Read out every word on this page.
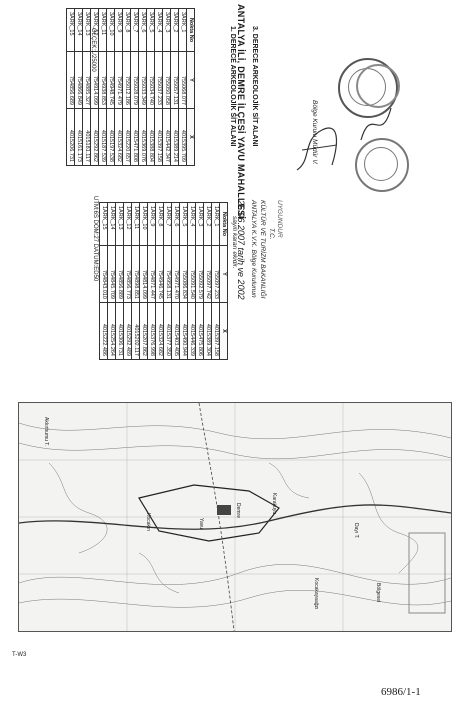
ANTALYA İLİ, DEMRE İLÇESİ YAVU MAHALLESİ
1. DERECE ARKEOLOJİK SİT ALANI
Nokta No	Y	X
1ARK_1	755097.233	4015397.158
1ARK_2	755097.742	4015389.304
1ARK_3	755092.579	4015475.806
1ARK_4	755091.540	4015446.339
1ARK_5	755086.834	4015490.944
1ARK_6	754971.470	4015403.405
1ARK_7	754958.131	4015377.350
1ARK_8	754946.745	4015324.682
1ARK_9	754871.447	4015376.998
1ARK_10	754814.099	4015207.862
1ARK_11	754898.851	4015202.117
1ARK_12	754856.773	4015292.489
1ARK_13	754856.889	4015306.731
1ARK_14	754845.709	4015254.264
1ARK_15	754843.010	4015222.486
3. DERECE ARKEOLOJİK SİT ALANI
Nokta No	Y	X
3ARK_1	755068.077	4015395.709
3ARK_2	755057.131	4015389.214
3ARK_3	755050.058	4015442.347
3ARK_4	755037.233	4015397.158
3ARK_5	755034.740	4015388.804
3ARK_6	755033.349	4015369.076
3ARK_7	755028.079	4015471.808
3ARK_8	755012.186	4015220.657
3ARK_9	754971.479	4015324.682
3ARK_10	754948.745	4015197.538
3ARK_11	754938.853	4015187.539
3ARK_12	754914.099	4015292.862
3ARK_13	754885.327	4015181.117
3ARK_14	754866.849	4015161.173
3ARK_15	754856.689	4015206.731
UTM:6S DOM:27 DATUM:ED50
ÖLÇEK:1/25000
UYGUNDUR
T.C.
KÜLTÜR VE TURİZM BAKANLIĞI
ANTALYA K.V.K. Bölge Kurulunun
26.06.2007 tarih ve 2002
sayılı kararı ekidir.
Bölge Kurulu Müdür V.
Akkırbumu T.
Demre
Yavu
Kocakırı	Dayı T.
Karakuyu
Kocakayaağzı	Bölgesel
T-W3
6986/1-1
